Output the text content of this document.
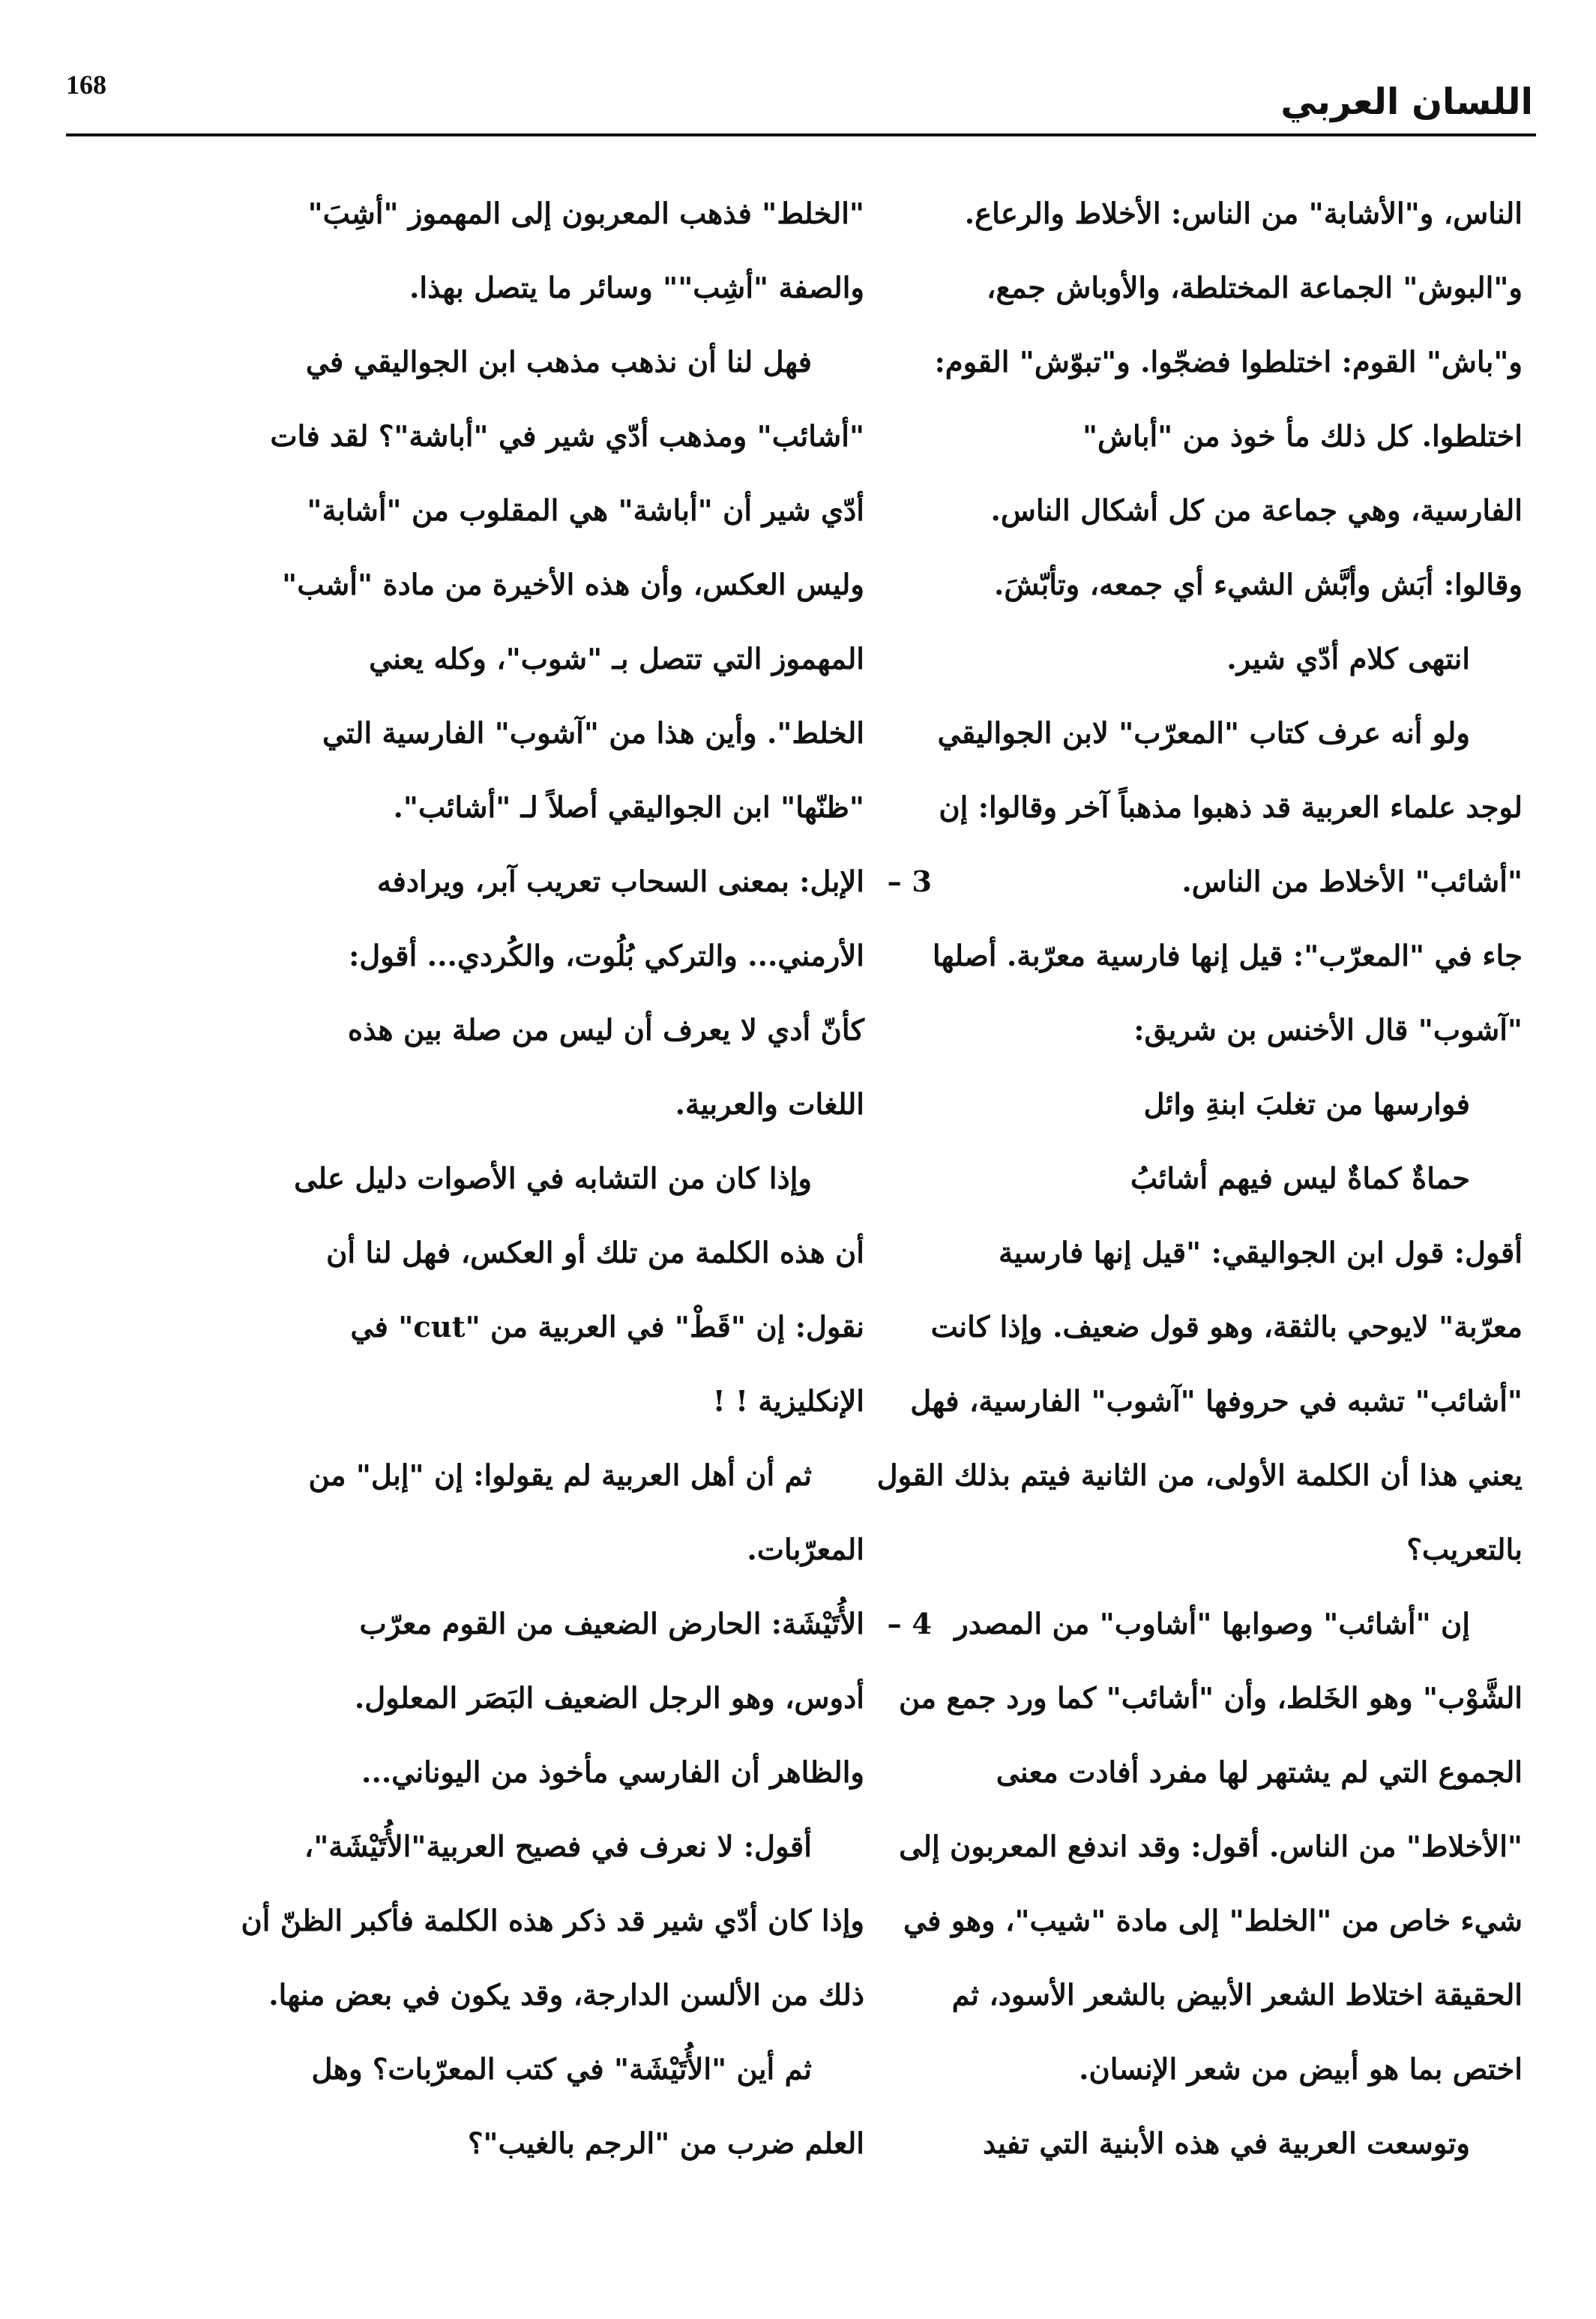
168	اللسان العربي

الناس، و"الأشابة" من الناس: الأخلاط والرعاع.

و"البوش" الجماعة المختلطة، والأوباش جمع،

و"باش" القوم: اختلطوا فضجّوا. و"تبوّش" القوم:

اختلطوا. كل ذلك مأ خوذ من "أباش"

الفارسية، وهي جماعة من كل أشكال الناس.

وقالوا: أبَش وأبَّش الشيء أي جمعه، وتأبّشَ.

انتهى كلام أدّي شير.

ولو أنه عرف كتاب "المعرّب" لابن الجواليقي

لوجد علماء العربية قد ذهبوا مذهباً آخر وقالوا: إن

"أشائب" الأخلاط من الناس.

جاء في "المعرّب": قيل إنها فارسية معرّبة. أصلها

"آشوب" قال الأخنس بن شريق:

فوارسها من تغلبَ ابنةِ وائل

حماةٌ كماةٌ ليس فيهم أشائبُ

أقول: قول ابن الجواليقي: "قيل إنها فارسية

معرّبة" لايوحي بالثقة، وهو قول ضعيف. وإذا كانت

"أشائب" تشبه في حروفها "آشوب" الفارسية، فهل

يعني هذا أن الكلمة الأولى، من الثانية فيتم بذلك القول

بالتعريب؟

إن "أشائب" وصوابها "أشاوب" من المصدر

الشَّوْب" وهو الخَلط، وأن "أشائب" كما ورد جمع من

الجموع التي لم يشتهر لها مفرد أفادت معنى

"الأخلاط" من الناس. أقول: وقد اندفع المعربون إلى

شيء خاص من "الخلط" إلى مادة "شيب"، وهو في

الحقيقة اختلاط الشعر الأبيض بالشعر الأسود، ثم

اختص بما هو أبيض من شعر الإنسان.

وتوسعت العربية في هذه الأبنية التي تفيد

"الخلط" فذهب المعربون إلى المهموز "أشِبَ"

والصفة "أشِب"" وسائر ما يتصل بهذا.

فهل لنا أن نذهب مذهب ابن الجواليقي في

"أشائب" ومذهب أدّي شير في "أباشة"؟ لقد فات

أدّي شير أن "أباشة" هي المقلوب من "أشابة"

وليس العكس، وأن هذه الأخيرة من مادة "أشب"

المهموز التي تتصل بـ "شوب"، وكله يعني

الخلط". وأين هذا من "آشوب" الفارسية التي

"ظنّها" ابن الجواليقي أصلاً لـ "أشائب".

3 –
الإبل: بمعنى السحاب تعريب آبر، ويرادفه

الأرمني... والتركي بُلُوت، والكُردي... أقول:

كأنّ أدي لا يعرف أن ليس من صلة بين هذه

اللغات والعربية.

وإذا كان من التشابه في الأصوات دليل على

أن هذه الكلمة من تلك أو العكس، فهل لنا أن

نقول: إن "قَطْ" في العربية من "cut" في

الإنكليزية ! !

ثم أن أهل العربية لم يقولوا: إن "إبل" من

المعرّبات.

4 –
الأُتَيْشَة: الحارض الضعيف من القوم معرّب

أدوس، وهو الرجل الضعيف البَصَر المعلول.

والظاهر أن الفارسي مأخوذ من اليوناني...

أقول: لا نعرف في فصيح العربية"الأُتَيْشَة"،

وإذا كان أدّي شير قد ذكر هذه الكلمة فأكبر الظنّ أن

ذلك من الألسن الدارجة، وقد يكون في بعض منها.

ثم أين "الأُتَيْشَة" في كتب المعرّبات؟ وهل

العلم ضرب من "الرجم بالغيب"؟
